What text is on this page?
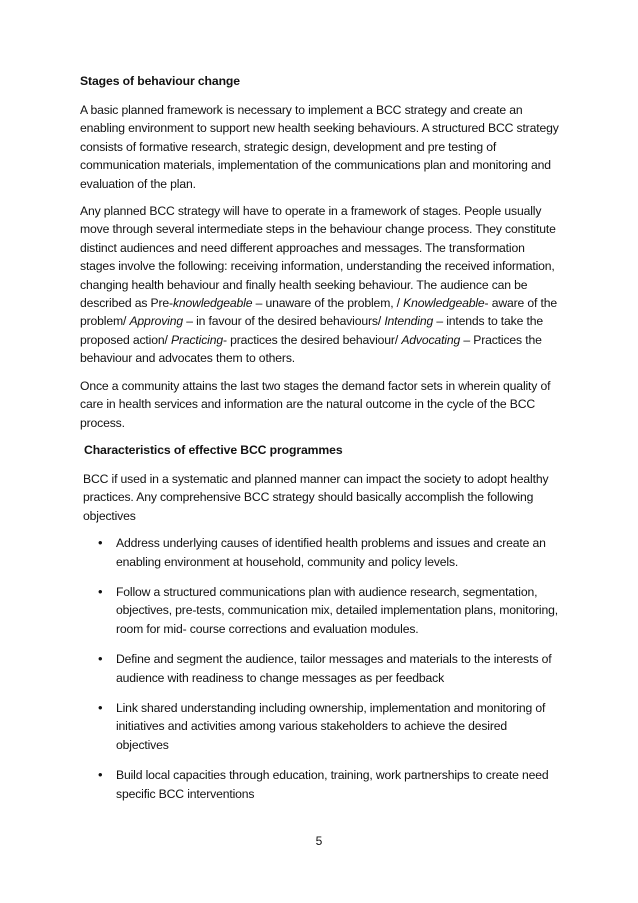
Stages of behaviour change

A basic planned framework is necessary to implement a BCC strategy and create an enabling environment to support new health seeking behaviours. A structured BCC strategy consists of formative research, strategic design, development and pre testing of communication materials, implementation of the communications plan and monitoring and evaluation of the plan.

Any planned BCC strategy will have to operate in a framework of stages. People usually move through several intermediate steps in the behaviour change process. They constitute distinct audiences and need different approaches and messages. The transformation stages involve the following: receiving information, understanding the received information, changing health behaviour and finally health seeking behaviour. The audience can be described as Pre-knowledgeable – unaware of the problem, / Knowledgeable- aware of the problem/ Approving – in favour of the desired behaviours/ Intending – intends to take the proposed action/ Practicing- practices the desired behaviour/ Advocating – Practices the behaviour and advocates them to others.

Once a community attains the last two stages the demand factor sets in wherein quality of care in health services and information are the natural outcome in the cycle of the BCC process.

Characteristics of effective BCC programmes

BCC if used in a systematic and planned manner can impact the society to adopt healthy practices. Any comprehensive BCC strategy should basically accomplish the following objectives

• Address underlying causes of identified health problems and issues and create an enabling environment at household, community and policy levels.
• Follow a structured communications plan with audience research, segmentation, objectives, pre-tests, communication mix, detailed implementation plans, monitoring, room for mid- course corrections and evaluation modules.
• Define and segment the audience, tailor messages and materials to the interests of audience with readiness to change messages as per feedback
• Link shared understanding including ownership, implementation and monitoring of initiatives and activities among various stakeholders to achieve the desired objectives
• Build local capacities through education, training, work partnerships to create need specific BCC interventions
5
